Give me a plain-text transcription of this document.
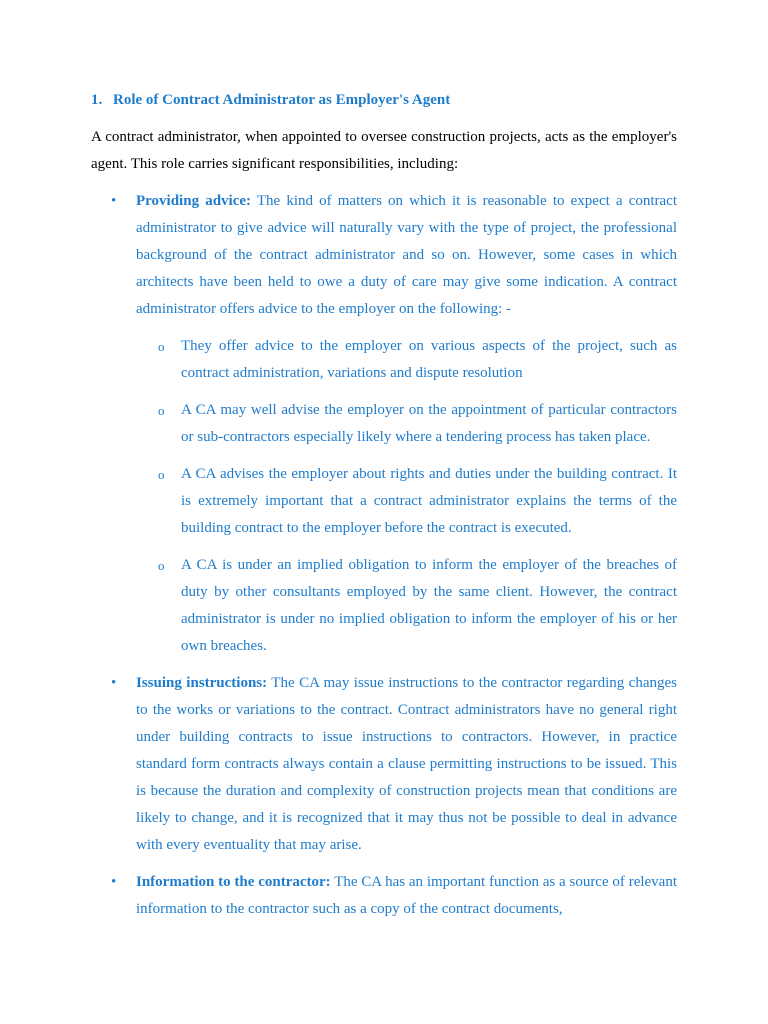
1. Role of Contract Administrator as Employer's Agent

A contract administrator, when appointed to oversee construction projects, acts as the employer's agent. This role carries significant responsibilities, including:

• Providing advice: The kind of matters on which it is reasonable to expect a contract administrator to give advice will naturally vary with the type of project, the professional background of the contract administrator and so on. However, some cases in which architects have been held to owe a duty of care may give some indication. A contract administrator offers advice to the employer on the following: -
o They offer advice to the employer on various aspects of the project, such as contract administration, variations and dispute resolution
o A CA may well advise the employer on the appointment of particular contractors or sub-contractors especially likely where a tendering process has taken place.
o A CA advises the employer about rights and duties under the building contract. It is extremely important that a contract administrator explains the terms of the building contract to the employer before the contract is executed.
o A CA is under an implied obligation to inform the employer of the breaches of duty by other consultants employed by the same client. However, the contract administrator is under no implied obligation to inform the employer of his or her own breaches.
• Issuing instructions: The CA may issue instructions to the contractor regarding changes to the works or variations to the contract. Contract administrators have no general right under building contracts to issue instructions to contractors. However, in practice standard form contracts always contain a clause permitting instructions to be issued. This is because the duration and complexity of construction projects mean that conditions are likely to change, and it is recognized that it may thus not be possible to deal in advance with every eventuality that may arise.
• Information to the contractor: The CA has an important function as a source of relevant information to the contractor such as a copy of the contract documents,
